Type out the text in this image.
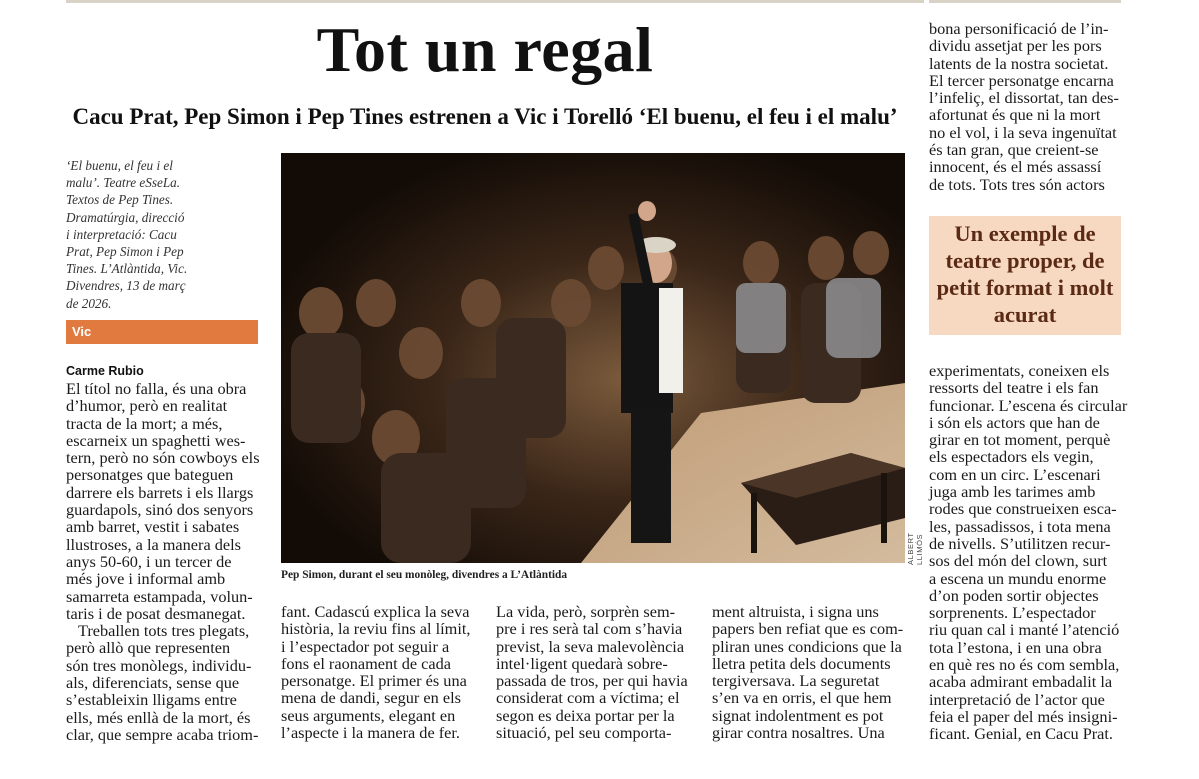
Tot un regal
Cacu Prat, Pep Simon i Pep Tines estrenen a Vic i Torelló ‘El buenu, el feu i el malu’
‘El buenu, el feu i el
malu’. Teatre eSseLa.
Textos de Pep Tines.
Dramatúrgia, direcció
i interpretació: Cacu
Prat, Pep Simon i Pep
Tines. L’Atlàntida, Vic.
Divendres, 13 de març
de 2026.
Vic
Carme Rubio
El títol no falla, és una obra
d’humor, però en realitat
tracta de la mort; a més,
escarneix un spaghetti wes-
tern, però no són cowboys els
personatges que bateguen
darrere els barrets i els llargs
guardapols, sinó dos senyors
amb barret, vestit i sabates
llustroses, a la manera dels
anys 50-60, i un tercer de
més jove i informal amb
samarreta estampada, volun-
taris i de posat desmanegat.
Treballen tots tres plegats,
però allò que representen
són tres monòlegs, individu-
als, diferenciats, sense que
s’estableixin lligams entre
ells, més enllà de la mort, és
clar, que sempre acaba triom-
Pep Simon, durant el seu monòleg, divendres a L’Atlàntida
ALBERT LLIMÓS
fant. Cadascú explica la seva
història, la reviu fins al límit,
i l’espectador pot seguir a
fons el raonament de cada
personatge. El primer és una
mena de dandi, segur en els
seus arguments, elegant en
l’aspecte i la manera de fer.
La vida, però, sorprèn sem-
pre i res serà tal com s’havia
previst, la seva malevolència
intel·ligent quedarà sobre-
passada de tros, per qui havia
considerat com a víctima; el
segon es deixa portar per la
situació, pel seu comporta-
ment altruista, i signa uns
papers ben refiat que es com-
pliran unes condicions que la
lletra petita dels documents
tergiversava. La seguretat
s’en va en orris, el que hem
signat indolentment es pot
girar contra nosaltres. Una
bona personificació de l’in-
dividu assetjat per les pors
latents de la nostra societat.
El tercer personatge encarna
l’infeliç, el dissortat, tan des-
afortunat és que ni la mort
no el vol, i la seva ingenuïtat
és tan gran, que creient-se
innocent, és el més assassí
de tots. Tots tres són actors
Un exemple de teatre proper, de petit format i molt acurat
experimentats, coneixen els
ressorts del teatre i els fan
funcionar. L’escena és circular
i són els actors que han de
girar en tot moment, perquè
els espectadors els vegin,
com en un circ. L’escenari
juga amb les tarimes amb
rodes que construeixen esca-
les, passadissos, i tota mena
de nivells. S’utilitzen recur-
sos del món del clown, surt
a escena un mundu enorme
d’on poden sortir objectes
sorprenents. L’espectador
riu quan cal i manté l’atenció
tota l’estona, i en una obra
en què res no és com sembla,
acaba admirant embadalit la
interpretació de l’actor que
feia el paper del més insigni-
ficant. Genial, en Cacu Prat.
